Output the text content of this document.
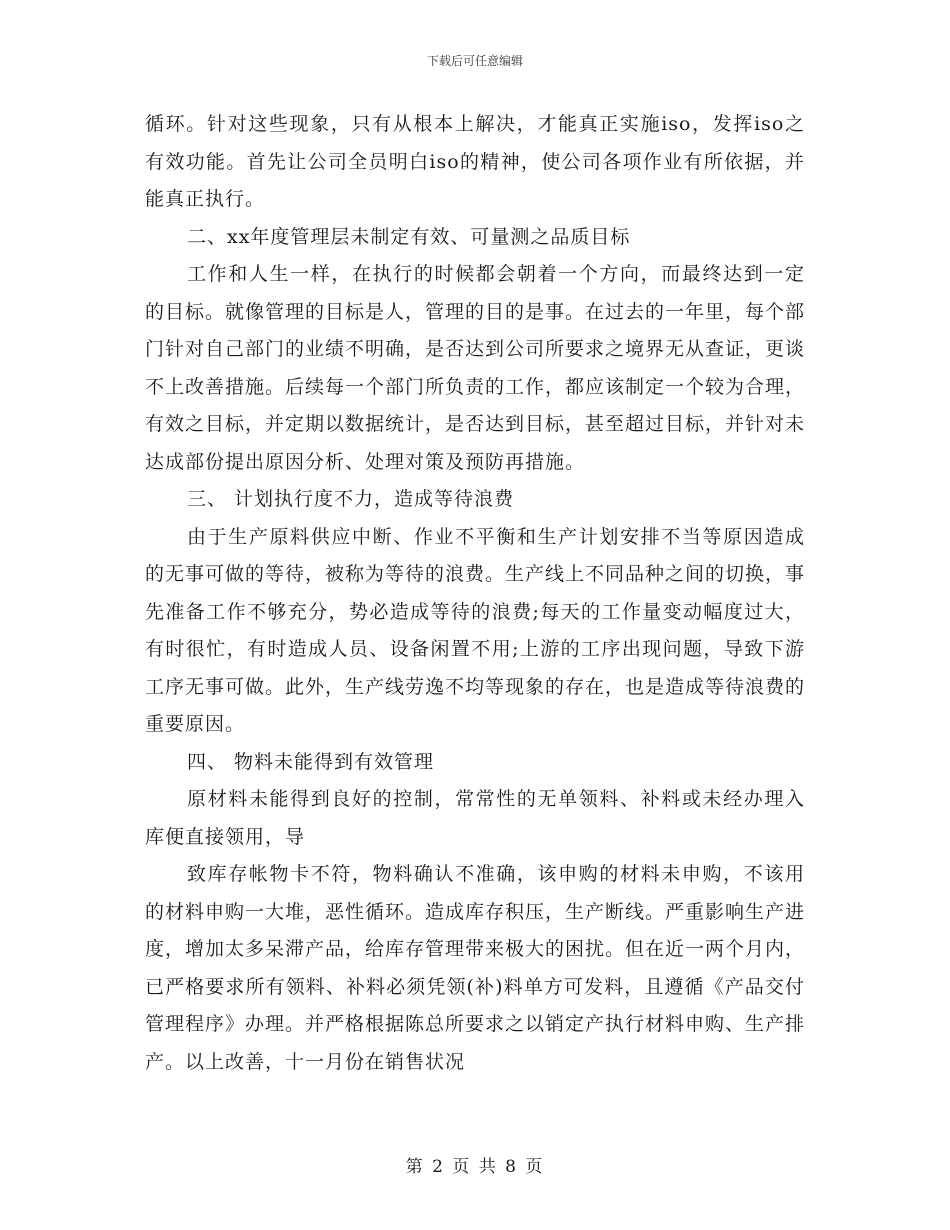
下载后可任意编辑

循环。针对这些现象，只有从根本上解决，才能真正实施iso，发挥iso之有效功能。首先让公司全员明白iso的精神，使公司各项作业有所依据，并能真正执行。

二、xx年度管理层未制定有效、可量测之品质目标

工作和人生一样，在执行的时候都会朝着一个方向，而最终达到一定的目标。就像管理的目标是人，管理的目的是事。在过去的一年里，每个部门针对自己部门的业绩不明确，是否达到公司所要求之境界无从查证，更谈不上改善措施。后续每一个部门所负责的工作，都应该制定一个较为合理，有效之目标，并定期以数据统计，是否达到目标，甚至超过目标，并针对未达成部份提出原因分析、处理对策及预防再措施。

三、 计划执行度不力，造成等待浪费

由于生产原料供应中断、作业不平衡和生产计划安排不当等原因造成的无事可做的等待，被称为等待的浪费。生产线上不同品种之间的切换，事先准备工作不够充分，势必造成等待的浪费;每天的工作量变动幅度过大，有时很忙，有时造成人员、设备闲置不用;上游的工序出现问题，导致下游工序无事可做。此外，生产线劳逸不均等现象的存在，也是造成等待浪费的重要原因。

四、 物料未能得到有效管理

原材料未能得到良好的控制，常常性的无单领料、补料或未经办理入库便直接领用，导

致库存帐物卡不符，物料确认不准确，该申购的材料未申购，不该用的材料申购一大堆，恶性循环。造成库存积压，生产断线。严重影响生产进度，增加太多呆滞产品，给库存管理带来极大的困扰。但在近一两个月内，已严格要求所有领料、补料必须凭领(补)料单方可发料，且遵循《产品交付管理程序》办理。并严格根据陈总所要求之以销定产执行材料申购、生产排产。以上改善，十一月份在销售状况

第 2 页 共 8 页
